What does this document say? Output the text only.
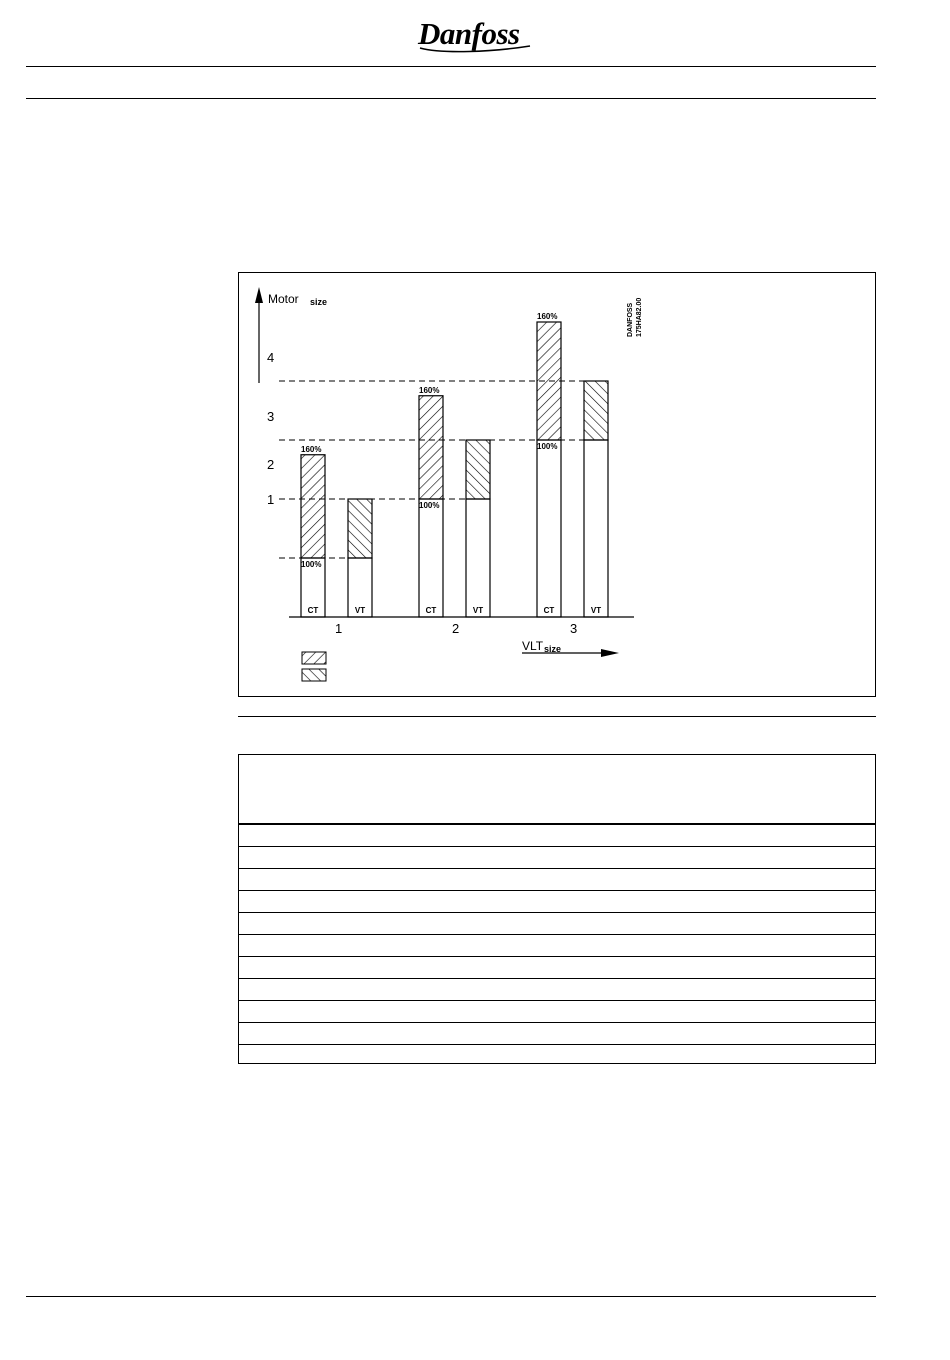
Danfoss
Motor size
DANFOSS 175HA82.00
4
3
2
1
CT
160%
100%
CT
160%
100%
CT
160%
100%
VT	VT	VT
1	2	3
VLT size
